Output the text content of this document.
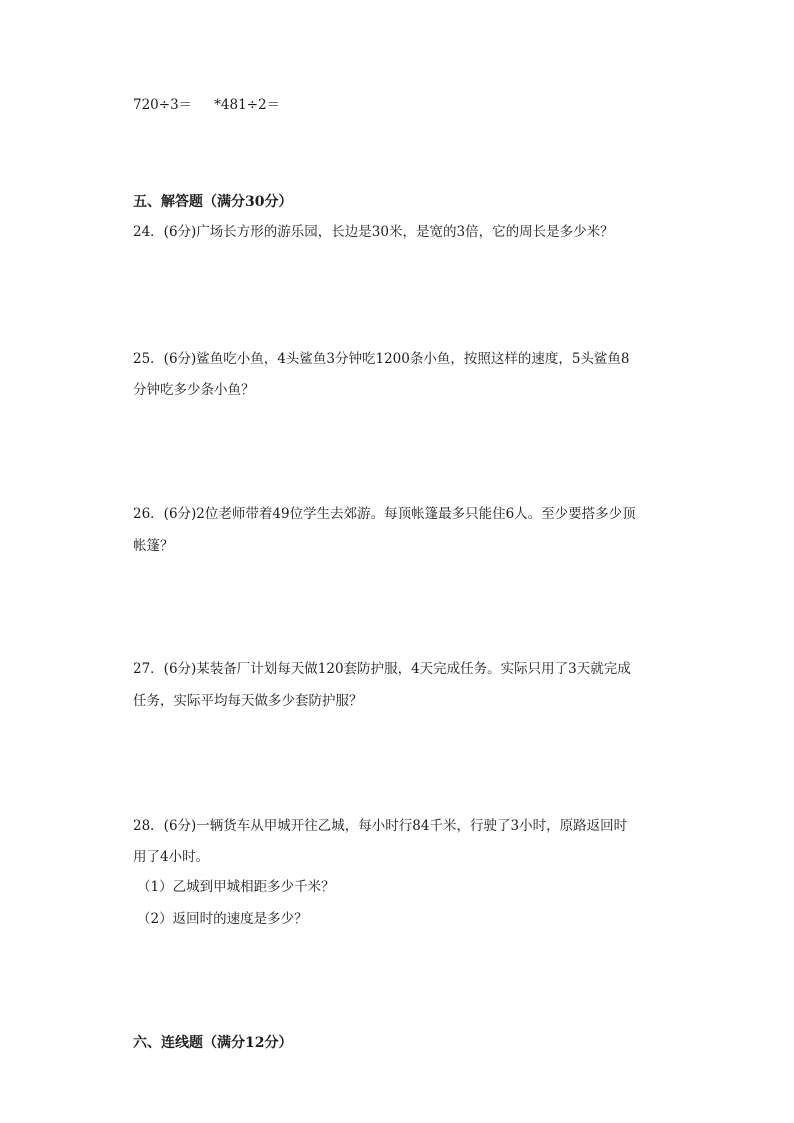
720÷3＝ *481÷2＝
五、解答题（满分30分）
24．(6分)广场长方形的游乐园，长边是30米，是宽的3倍，它的周长是多少米？
25．(6分)鲨鱼吃小鱼，4头鲨鱼3分钟吃1200条小鱼，按照这样的速度，5头鲨鱼8
分钟吃多少条小鱼？
26．(6分)2位老师带着49位学生去郊游。每顶帐篷最多只能住6人。至少要搭多少顶
帐篷？
27．(6分)某装备厂计划每天做120套防护服，4天完成任务。实际只用了3天就完成
任务，实际平均每天做多少套防护服？
28．(6分)一辆货车从甲城开往乙城，每小时行84千米，行驶了3小时，原路返回时
用了4小时。
（1）乙城到甲城相距多少千米？
（2）返回时的速度是多少？
六、连线题（满分12分）
